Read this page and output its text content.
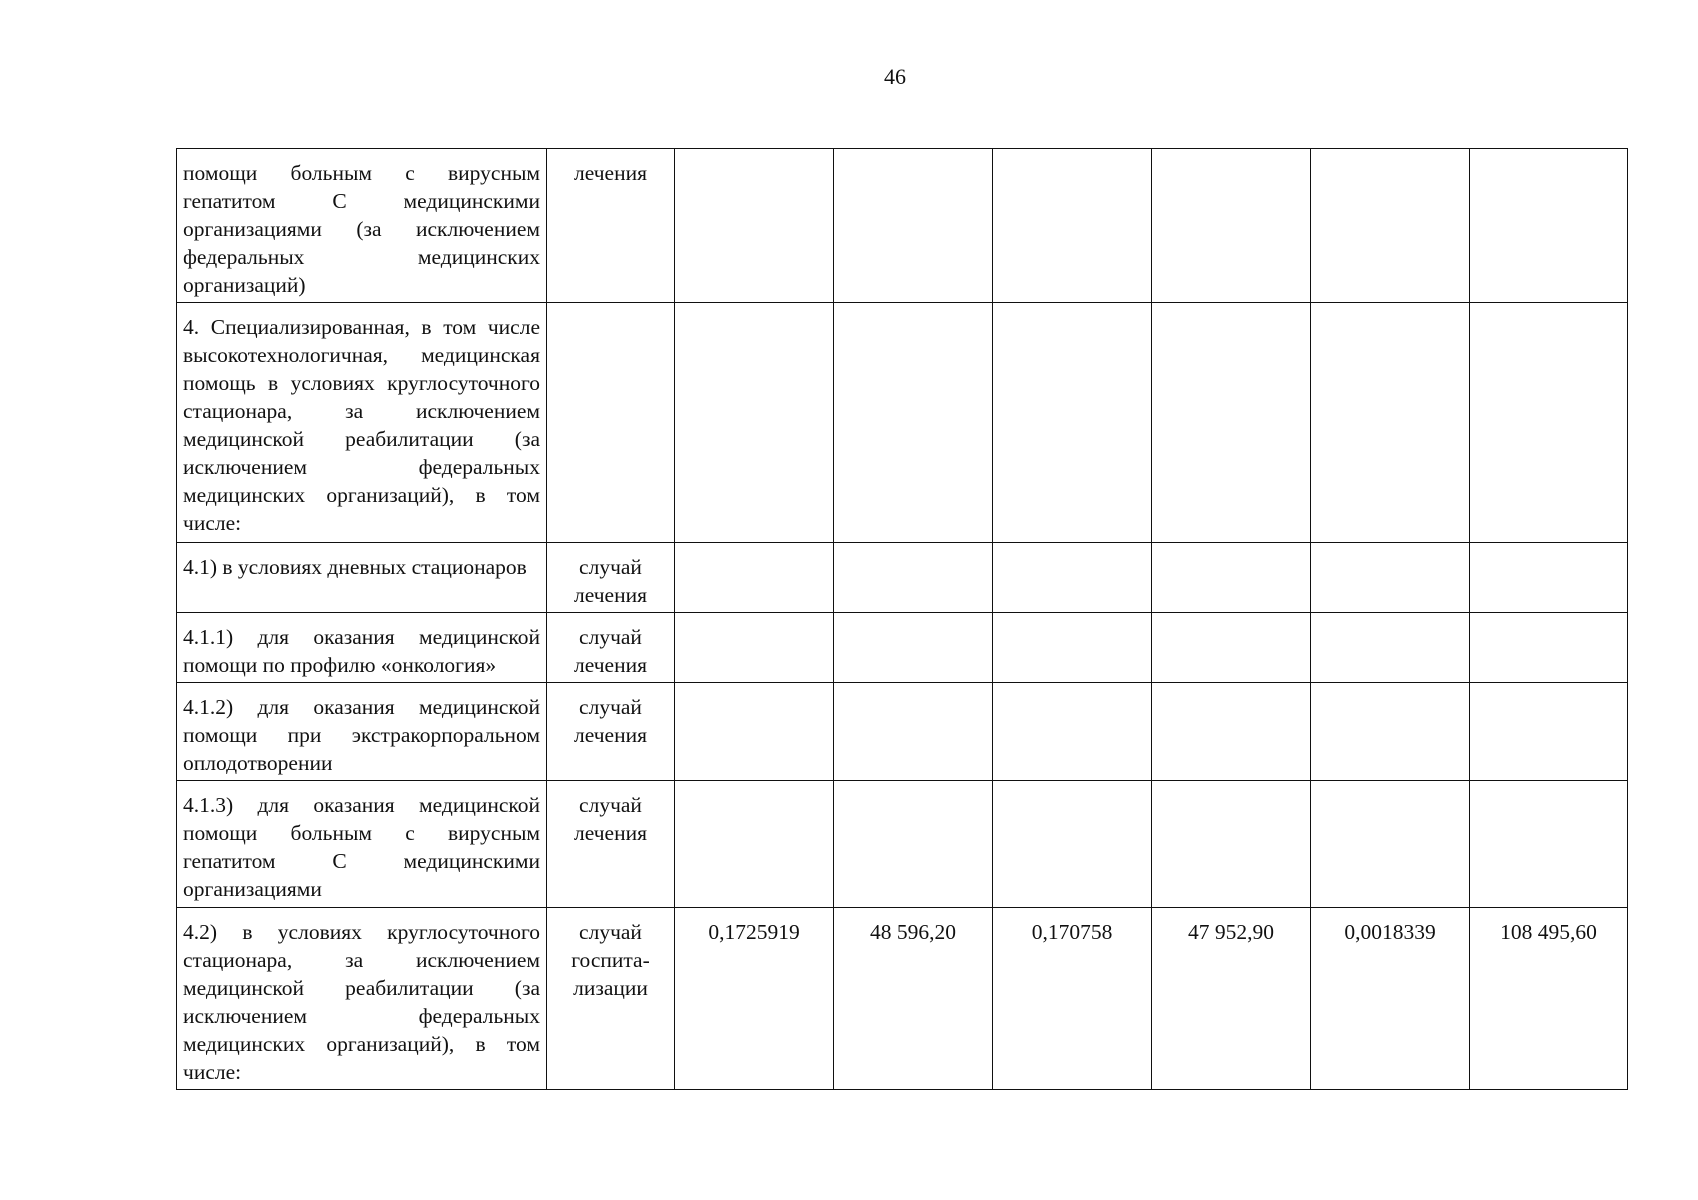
46
помощи больным с вирусным гепатитом С медицинскими организациями (за исключением федеральных медицинских организаций)	лечения						
4. Специализированная, в том числе высокотехнологичная, медицинская помощь в условиях круглосуточного стационара, за исключением медицинской реабилитации (за исключением федеральных медицинских организаций), в том числе:							
4.1) в условиях дневных стационаров	случай лечения						
4.1.1) для оказания медицинской помощи по профилю «онкология»	случай лечения						
4.1.2) для оказания медицинской помощи при экстракорпоральном оплодотворении	случай лечения						
4.1.3) для оказания медицинской помощи больным с вирусным гепатитом С медицинскими организациями	случай лечения						
4.2) в условиях круглосуточного стационара, за исключением медицинской реабилитации (за исключением федеральных медицинских организаций), в том числе:	случай госпита-лизации	0,1725919	48 596,20	0,170758	47 952,90	0,0018339	108 495,60
